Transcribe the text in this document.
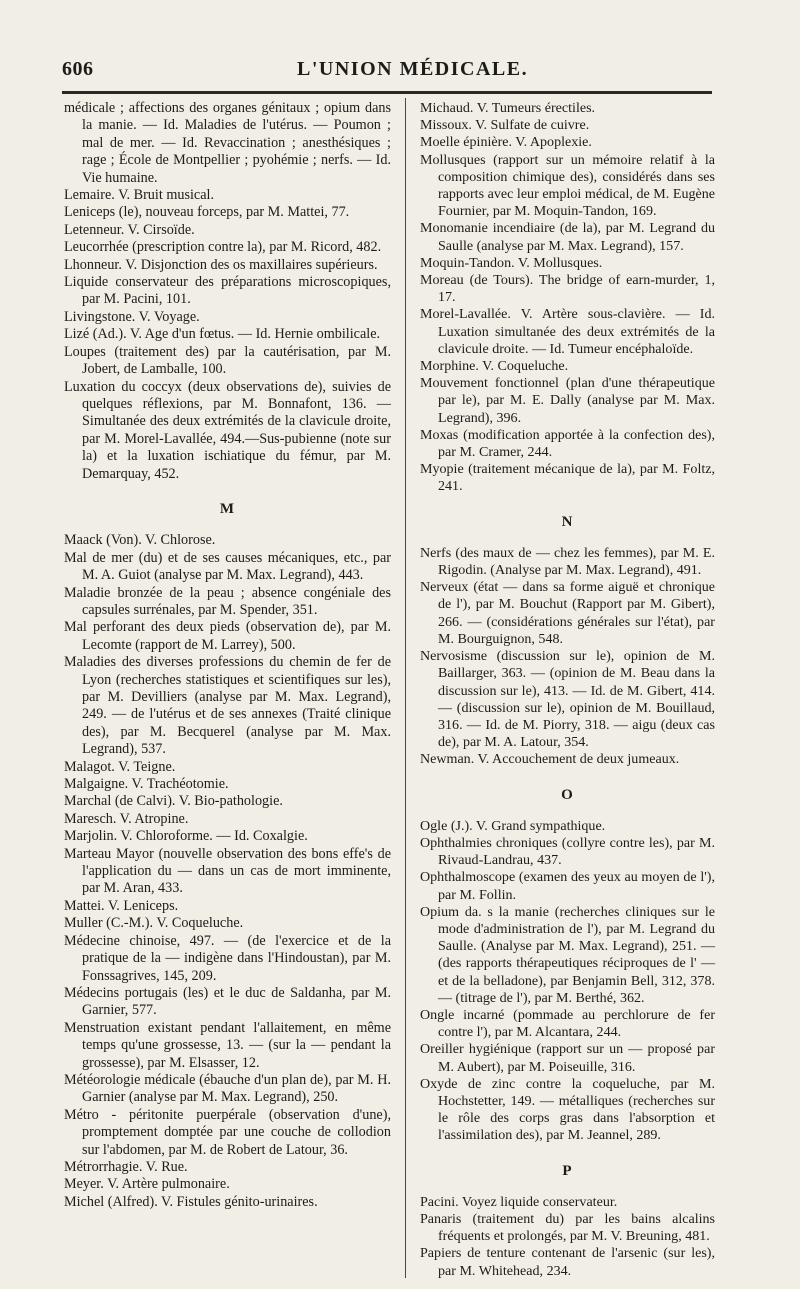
606	L'UNION MÉDICALE.
médicale ; affections des organes génitaux ; opium dans la manie. — Id. Maladies de l'utérus. — Poumon ; mal de mer. — Id. Revaccination ; anesthésiques ; rage ; École de Montpellier ; pyohémie ; nerfs. — Id. Vie humaine.
Lemaire. V. Bruit musical.
Leniceps (le), nouveau forceps, par M. Mattei, 77.
Letenneur. V. Cirsoïde.
Leucorrhée (prescription contre la), par M. Ricord, 482.
Lhonneur. V. Disjonction des os maxillaires supérieurs.
Liquide conservateur des préparations microscopiques, par M. Pacini, 101.
Livingstone. V. Voyage.
Lizé (Ad.). V. Age d'un fœtus. — Id. Hernie ombilicale.
Loupes (traitement des) par la cautérisation, par M. Jobert, de Lamballe, 100.
Luxation du coccyx (deux observations de), suivies de quelques réflexions, par M. Bonnafont, 136. — Simultanée des deux extrémités de la clavicule droite, par M. Morel-Lavallée, 494.—Sus-pubienne (note sur la) et la luxation ischiatique du fémur, par M. Demarquay, 452.
M
Maack (Von). V. Chlorose.
Mal de mer (du) et de ses causes mécaniques, etc., par M. A. Guiot (analyse par M. Max. Legrand), 443.
Maladie bronzée de la peau ; absence congéniale des capsules surrénales, par M. Spender, 351.
Mal perforant des deux pieds (observation de), par M. Lecomte (rapport de M. Larrey), 500.
Maladies des diverses professions du chemin de fer de Lyon (recherches statistiques et scientifiques sur les), par M. Devilliers (analyse par M. Max. Legrand), 249. — de l'utérus et de ses annexes (Traité clinique des), par M. Becquerel (analyse par M. Max. Legrand), 537.
Malagot. V. Teigne.
Malgaigne. V. Trachéotomie.
Marchal (de Calvi). V. Bio-pathologie.
Maresch. V. Atropine.
Marjolin. V. Chloroforme. — Id. Coxalgie.
Marteau Mayor (nouvelle observation des bons effe's de l'application du — dans un cas de mort imminente, par M. Aran, 433.
Mattei. V. Leniceps.
Muller (C.-M.). V. Coqueluche.
Médecine chinoise, 497. — (de l'exercice et de la pratique de la — indigène dans l'Hindoustan), par M. Fonssagrives, 145, 209.
Médecins portugais (les) et le duc de Saldanha, par M. Garnier, 577.
Menstruation existant pendant l'allaitement, en même temps qu'une grossesse, 13. — (sur la — pendant la grossesse), par M. Elsasser, 12.
Météorologie médicale (ébauche d'un plan de), par M. H. Garnier (analyse par M. Max. Legrand), 250.
Métro - péritonite puerpérale (observation d'une), promptement domptée par une couche de collodion sur l'abdomen, par M. de Robert de Latour, 36.
Métrorrhagie. V. Rue.
Meyer. V. Artère pulmonaire.
Michel (Alfred). V. Fistules génito-urinaires.
Michaud. V. Tumeurs érectiles.
Missoux. V. Sulfate de cuivre.
Moelle épinière. V. Apoplexie.
Mollusques (rapport sur un mémoire relatif à la composition chimique des), considérés dans ses rapports avec leur emploi médical, de M. Eugène Fournier, par M. Moquin-Tandon, 169.
Monomanie incendiaire (de la), par M. Legrand du Saulle (analyse par M. Max. Legrand), 157.
Moquin-Tandon. V. Mollusques.
Moreau (de Tours). The bridge of earn-murder, 1, 17.
Morel-Lavallée. V. Artère sous-clavière. — Id. Luxation simultanée des deux extrémités de la clavicule droite. — Id. Tumeur encéphaloïde.
Morphine. V. Coqueluche.
Mouvement fonctionnel (plan d'une thérapeutique par le), par M. E. Dally (analyse par M. Max. Legrand), 396.
Moxas (modification apportée à la confection des), par M. Cramer, 244.
Myopie (traitement mécanique de la), par M. Foltz, 241.
N
Nerfs (des maux de — chez les femmes), par M. E. Rigodin. (Analyse par M. Max. Legrand), 491.
Nerveux (état — dans sa forme aiguë et chronique de l'), par M. Bouchut (Rapport par M. Gibert), 266. — (considérations générales sur l'état), par M. Bourguignon, 548.
Nervosisme (discussion sur le), opinion de M. Baillarger, 363. — (opinion de M. Beau dans la discussion sur le), 413. — Id. de M. Gibert, 414. — (discussion sur le), opinion de M. Bouillaud, 316. — Id. de M. Piorry, 318. — aigu (deux cas de), par M. A. Latour, 354.
Newman. V. Accouchement de deux jumeaux.
O
Ogle (J.). V. Grand sympathique.
Ophthalmies chroniques (collyre contre les), par M. Rivaud-Landrau, 437.
Ophthalmoscope (examen des yeux au moyen de l'), par M. Follin.
Opium da. s la manie (recherches cliniques sur le mode d'administration de l'), par M. Legrand du Saulle. (Analyse par M. Max. Legrand), 251. — (des rapports thérapeutiques réciproques de l' — et de la belladone), par Benjamin Bell, 312, 378. — (titrage de l'), par M. Berthé, 362.
Ongle incarné (pommade au perchlorure de fer contre l'), par M. Alcantara, 244.
Oreiller hygiénique (rapport sur un — proposé par M. Aubert), par M. Poiseuille, 316.
Oxyde de zinc contre la coqueluche, par M. Hochstetter, 149. — métalliques (recherches sur le rôle des corps gras dans l'absorption et l'assimilation des), par M. Jeannel, 289.
P
Pacini. Voyez liquide conservateur.
Panaris (traitement du) par les bains alcalins fréquents et prolongés, par M. V. Breuning, 481.
Papiers de tenture contenant de l'arsenic (sur les), par M. Whitehead, 234.
